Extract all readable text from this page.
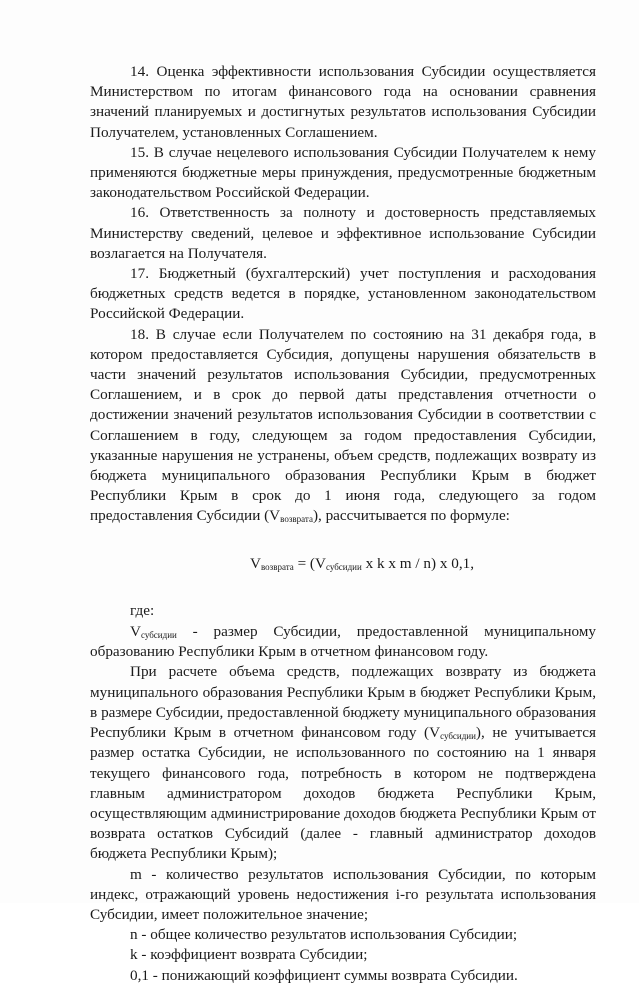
14. Оценка эффективности использования Субсидии осуществляется Министерством по итогам финансового года на основании сравнения значений планируемых и достигнутых результатов использования Субсидии Получателем, установленных Соглашением.

15. В случае нецелевого использования Субсидии Получателем к нему применяются бюджетные меры принуждения, предусмотренные бюджетным законодательством Российской Федерации.

16. Ответственность за полноту и достоверность представляемых Министерству сведений, целевое и эффективное использование Субсидии возлагается на Получателя.

17. Бюджетный (бухгалтерский) учет поступления и расходования бюджетных средств ведется в порядке, установленном законодательством Российской Федерации.

18. В случае если Получателем по состоянию на 31 декабря года, в котором предоставляется Субсидия, допущены нарушения обязательств в части значений результатов использования Субсидии, предусмотренных Соглашением, и в срок до первой даты представления отчетности о достижении значений результатов использования Субсидии в соответствии с Соглашением в году, следующем за годом предоставления Субсидии, указанные нарушения не устранены, объем средств, подлежащих возврату из бюджета муниципального образования Республики Крым в бюджет Республики Крым в срок до 1 июня года, следующего за годом предоставления Субсидии $(V_{возврата})$, рассчитывается по формуле:

$V_{возврата} = (V_{субсидии}$ x k x m / n) x 0,1,

где:

$V_{субсидии}$ - размер Субсидии, предоставленной муниципальному образованию Республики Крым в отчетном финансовом году.

При расчете объема средств, подлежащих возврату из бюджета муниципального образования Республики Крым в бюджет Республики Крым, в размере Субсидии, предоставленной бюджету муниципального образования Республики Крым в отчетном финансовом году $(V_{субсидии})$, не учитывается размер остатка Субсидии, не использованного по состоянию на 1 января текущего финансового года, потребность в котором не подтверждена главным администратором доходов бюджета Республики Крым, осуществляющим администрирование доходов бюджета Республики Крым от возврата остатков Субсидий (далее - главный администратор доходов бюджета Республики Крым);

m - количество результатов использования Субсидии, по которым индекс, отражающий уровень недостижения i-го результата использования Субсидии, имеет положительное значение;

n - общее количество результатов использования Субсидии;

k - коэффициент возврата Субсидии;

0,1 - понижающий коэффициент суммы возврата Субсидии.
